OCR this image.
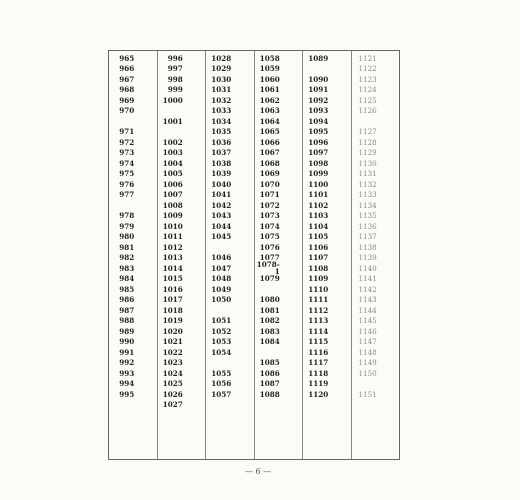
965
966
967
968
969
970
971
972
973
974
975
976
977
978
979
980
981
982
983
984
985
986
987
988
989
990
991
992
993
994
995
996
997
998
999
1000
1001
1002
1003
1004
1005
1006
1007
1008
1009
1010
1011
1012
1013
1014
1015
1016
1017
1018
1019
1020
1021
1022
1023
1024
1025
1026
1027
1028
1029
1030
1031
1032
1033
1034
1035
1036
1037
1038
1039
1040
1041
1042
1043
1044
1045
1046
1047
1048
1049
1050
1051
1052
1053
1054
1055
1056
1057
1058
1059
1060
1061
1062
1063
1064
1065
1066
1067
1068
1069
1070
1071
1072
1073
1074
1075
1076
1077
1078-1
1079
1080
1081
1082
1083
1084
1085
1086
1087
1088
1089
1090
1091
1092
1093
1094
1095
1096
1097
1098
1099
1100
1101
1102
1103
1104
1105
1106
1107
1108
1109
1110
1111
1112
1113
1114
1115
1116
1117
1118
1119
1120
1121
1122
1123
1124
1125
1126
1127
1128
1129
1130
1131
1132
1133
1134
1135
1136
1137
1138
1139
1140
1141
1142
1143
1144
1145
1146
1147
1148
1149
1150
1151
— 6 —
